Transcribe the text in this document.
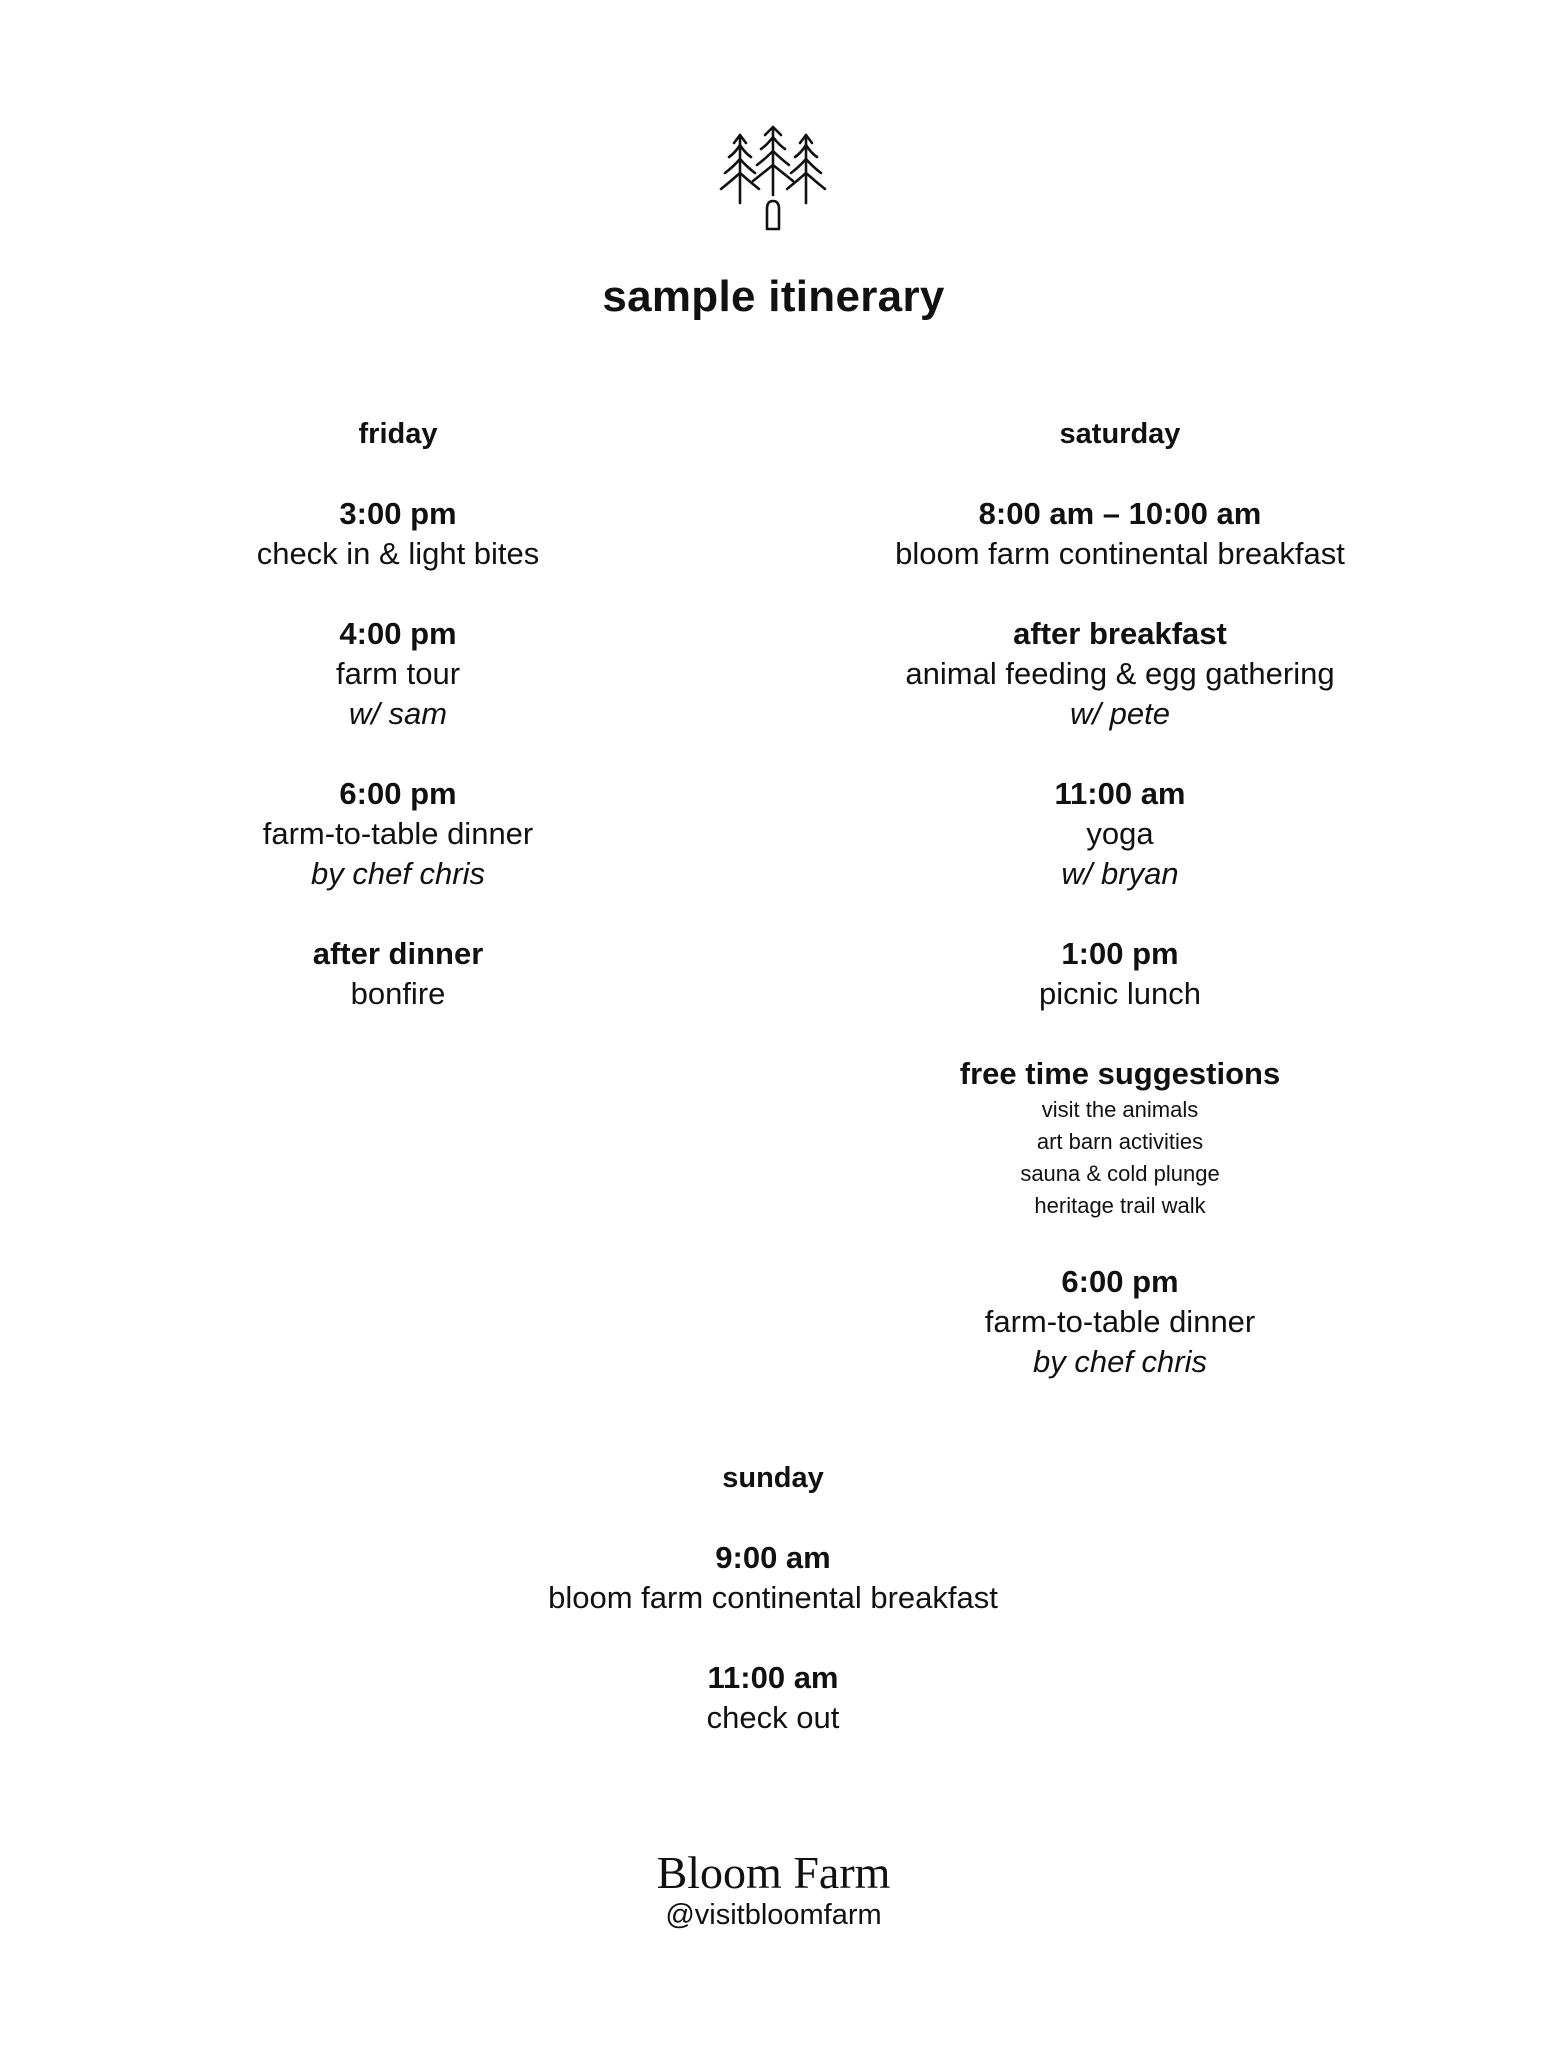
sample itinerary
friday
3:00 pm
check in & light bites
4:00 pm
farm tour
w/ sam
6:00 pm
farm-to-table dinner
by chef chris
after dinner
bonfire
saturday
8:00 am – 10:00 am
bloom farm continental breakfast
after breakfast
animal feeding & egg gathering
w/ pete
11:00 am
yoga
w/ bryan
1:00 pm
picnic lunch
free time suggestions
visit the animals
art barn activities
sauna & cold plunge
heritage trail walk
6:00 pm
farm-to-table dinner
by chef chris
sunday
9:00 am
bloom farm continental breakfast
11:00 am
check out
Bloom Farm
@visitbloomfarm
